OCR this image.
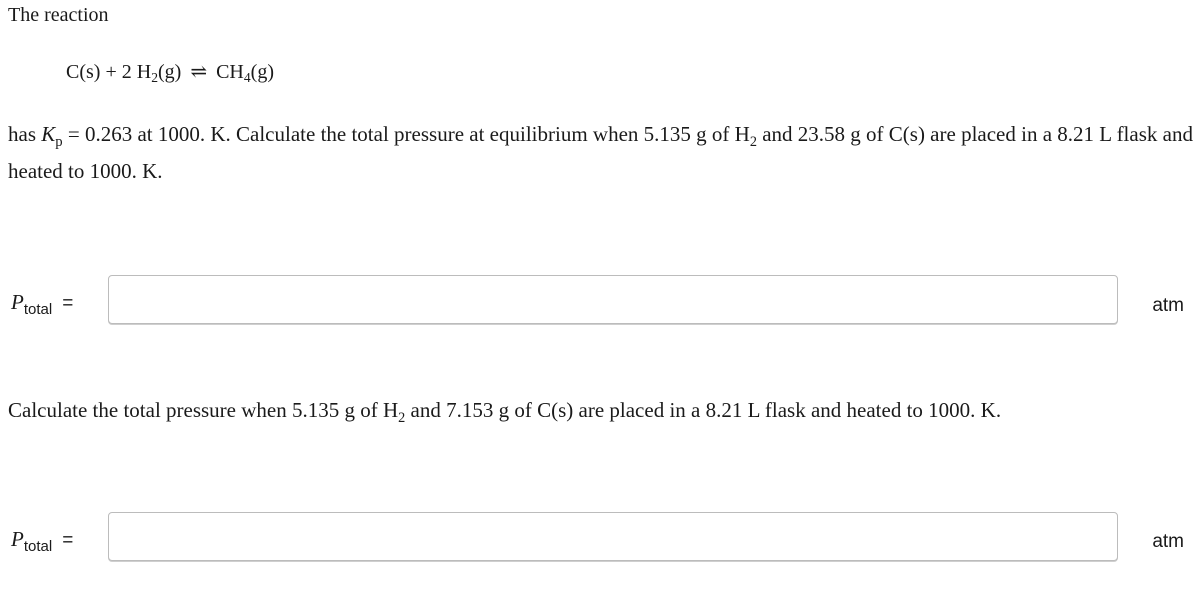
The reaction
C(s) + 2 $H_2(g)$ ⇌ $CH_4(g)$
has $K_p = 0.263$ at 1000. K. Calculate the total pressure at equilibrium when 5.135 g of $H_2$ and 23.58 g of C(s) are placed in a 8.21 L flask and heated to 1000. K.
$P_{total}$ =	atm
Calculate the total pressure when 5.135 g of $H_2$ and 7.153 g of C(s) are placed in a 8.21 L flask and heated to 1000. K.
$P_{total}$ =	atm
